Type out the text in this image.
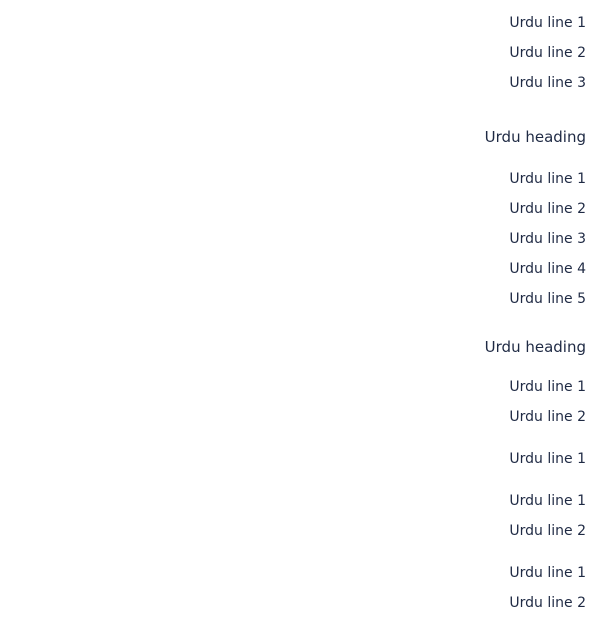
Urdu line 1
Urdu line 2
Urdu line 3
Urdu heading
Urdu line 1
Urdu line 2
Urdu line 3
Urdu line 4
Urdu line 5
Urdu heading
Urdu line 1
Urdu line 2
Urdu line 1
Urdu line 1
Urdu line 2
Urdu line 1
Urdu line 2
